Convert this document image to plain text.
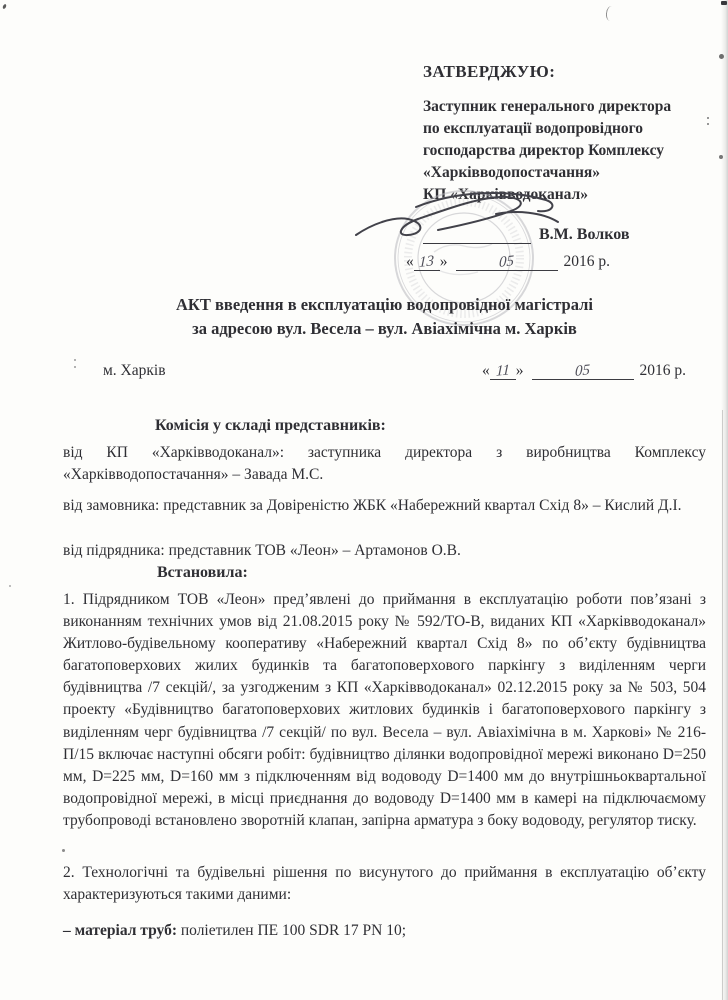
ЗАТВЕРДЖУЮ:
Заступник генерального директора
по експлуатації водопровідного
господарства директор Комплексу
«Харківводопостачання»
КП «Харківводоканал»
В.М. Волков
« 13 »	05	2016 р.
АКТ введення в експлуатацію водопровідної магістралі
за адресою вул. Весела – вул. Авіахімічна м. Харків
м. Харків	« 11 »	05	2016 р.
Комісія у складі представників:
від КП «Харківводоканал»: заступника директора з виробництва Комплексу «Харківводопостачання» – Завада М.С.
від замовника: представник за Довіреністю ЖБК «Набережний квартал Схід 8» – Кислий Д.І.
від підрядника: представник ТОВ «Леон» – Артамонов О.В.
Встановила:
1. Підрядником ТОВ «Леон» пред’явлені до приймання в експлуатацію роботи пов’язані з виконанням технічних умов від 21.08.2015 року № 592/ТО-В, виданих КП «Харківводоканал» Житлово-будівельному кооперативу «Набережний квартал Схід 8» по об’єкту будівництва багатоповерхових жилих будинків та багатоповерхового паркінгу з виділенням черги будівництва /7 секцій/, за узгодженим з КП «Харківводоканал» 02.12.2015 року за № 503, 504 проекту «Будівництво багатоповерхових житлових будинків і багатоповерхового паркінгу з виділенням черг будівництва /7 секцій/ по вул. Весела – вул. Авіахімічна в м. Харкові» № 216-П/15 включає наступні обсяги робіт: будівництво ділянки водопровідної мережі виконано D=250 мм, D=225 мм, D=160 мм з підключенням від водоводу D=1400 мм до внутрішньоквартальної водопровідної мережі, в місці приєднання до водоводу D=1400 мм в камері на підключаємому трубопроводі встановлено зворотній клапан, запірна арматура з боку водоводу, регулятор тиску.
2. Технологічні та будівельні рішення по висунутого до приймання в експлуатацію об’єкту характеризуються такими даними:
– матеріал труб: поліетилен ПЕ 100 SDR 17 PN 10;
